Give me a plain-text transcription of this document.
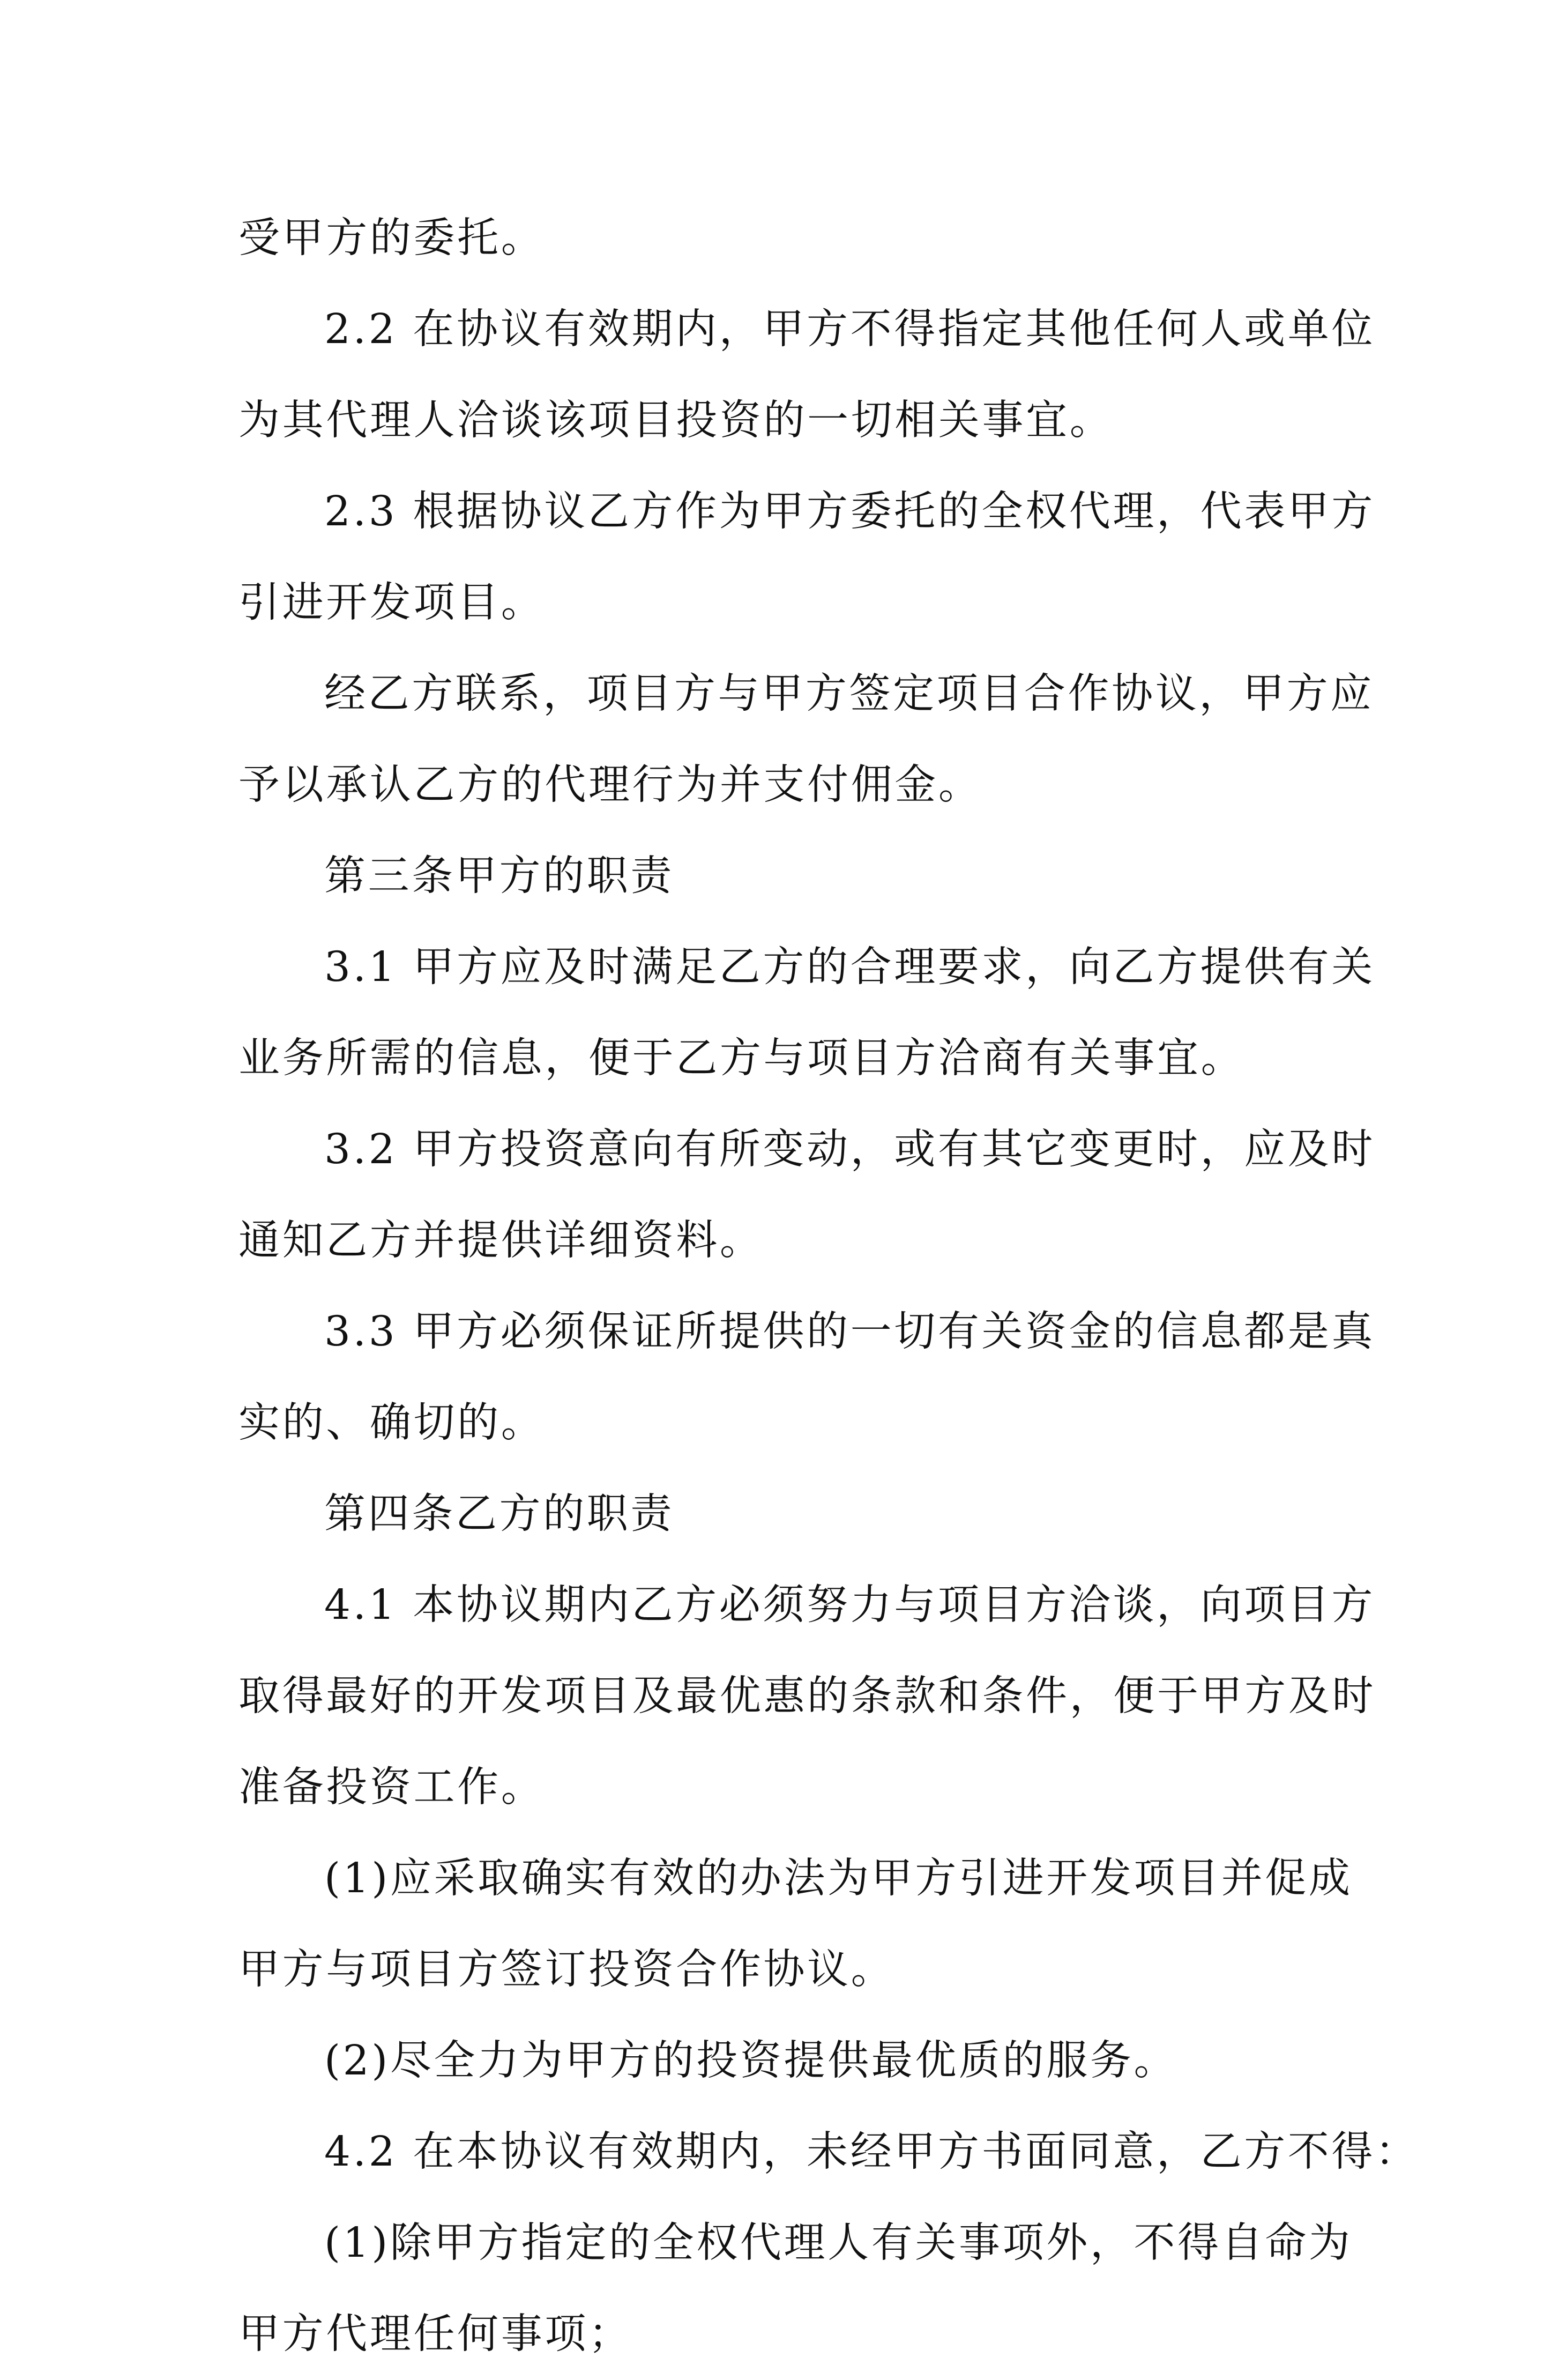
受甲方的委托。
2.2 在协议有效期内，甲方不得指定其他任何人或单位
为其代理人洽谈该项目投资的一切相关事宜。
2.3 根据协议乙方作为甲方委托的全权代理，代表甲方
引进开发项目。
经乙方联系，项目方与甲方签定项目合作协议，甲方应
予以承认乙方的代理行为并支付佣金。
第三条甲方的职责
3.1 甲方应及时满足乙方的合理要求，向乙方提供有关
业务所需的信息，便于乙方与项目方洽商有关事宜。
3.2 甲方投资意向有所变动，或有其它变更时，应及时
通知乙方并提供详细资料。
3.3 甲方必须保证所提供的一切有关资金的信息都是真
实的、确切的。
第四条乙方的职责
4.1 本协议期内乙方必须努力与项目方洽谈，向项目方
取得最好的开发项目及最优惠的条款和条件，便于甲方及时
准备投资工作。
(1)应采取确实有效的办法为甲方引进开发项目并促成
甲方与项目方签订投资合作协议。
(2)尽全力为甲方的投资提供最优质的服务。
4.2 在本协议有效期内，未经甲方书面同意，乙方不得：
(1)除甲方指定的全权代理人有关事项外，不得自命为
甲方代理任何事项；
